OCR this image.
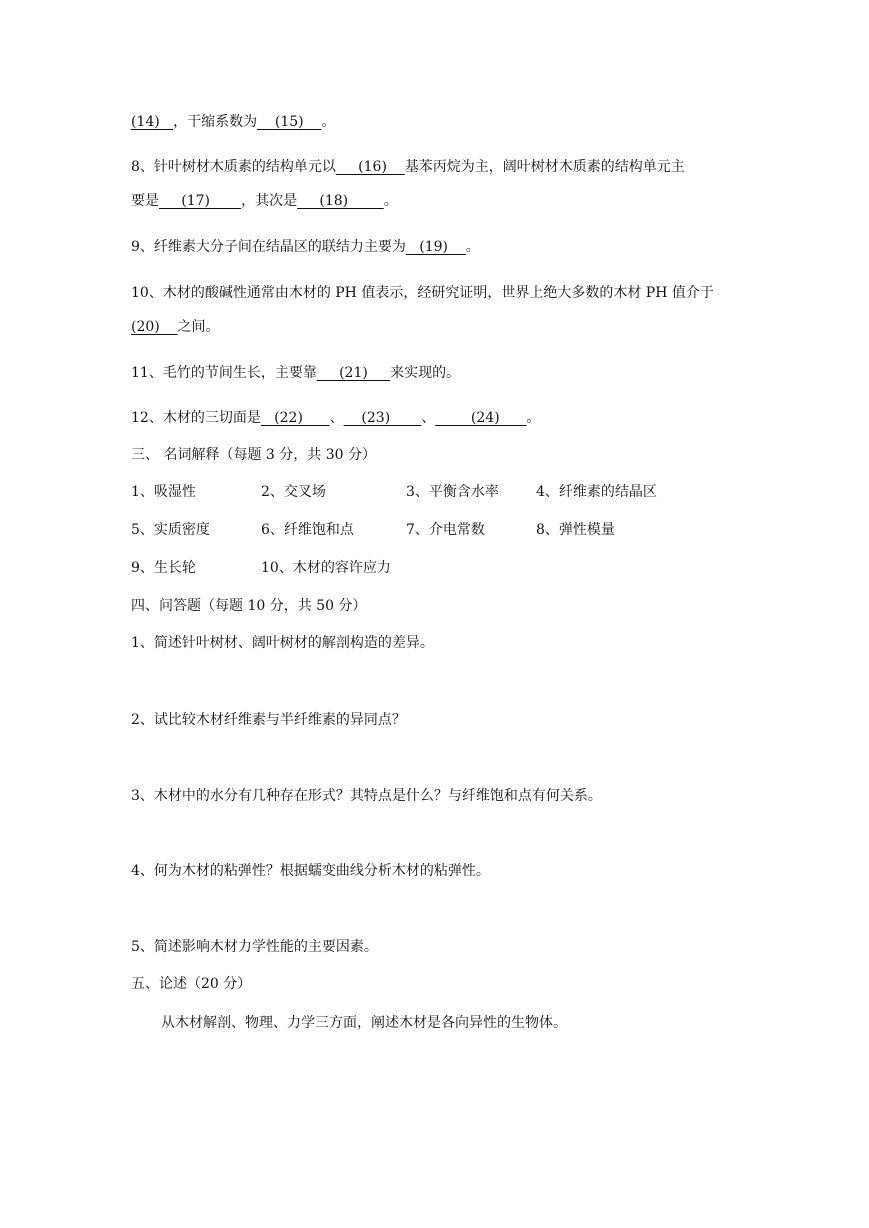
(14)   ，干缩系数为    (15)    。
8、针叶树材木质素的结构单元以     (16)    基苯丙烷为主，阔叶树材木质素的结构单元主
要是     (17)       ，其次是     (18)        。
9、纤维素大分子间在结晶区的联结力主要为   (19)    。
10、木材的酸碱性通常由木材的 PH 值表示，经研究证明，世界上绝大多数的木材 PH 值介于
(20)    之间。
11、毛竹的节间生长，主要靠     (21)     来实现的。
12、木材的三切面是   (22)      、    (23)       、        (24)      。
三、 名词解释（每题 3 分，共 30 分）
1、吸湿性	2、交叉场	3、平衡含水率	4、纤维素的结晶区
5、实质密度	6、纤维饱和点	7、介电常数	8、弹性模量
9、生长轮	10、木材的容许应力
四、问答题（每题 10 分，共 50 分）
1、简述针叶树材、阔叶树材的解剖构造的差异。
2、试比较木材纤维素与半纤维素的异同点？
3、木材中的水分有几种存在形式？其特点是什么？与纤维饱和点有何关系。
4、何为木材的粘弹性？根据蠕变曲线分析木材的粘弹性。
5、简述影响木材力学性能的主要因素。
五、论述（20 分）
从木材解剖、物理、力学三方面，阐述木材是各向异性的生物体。
